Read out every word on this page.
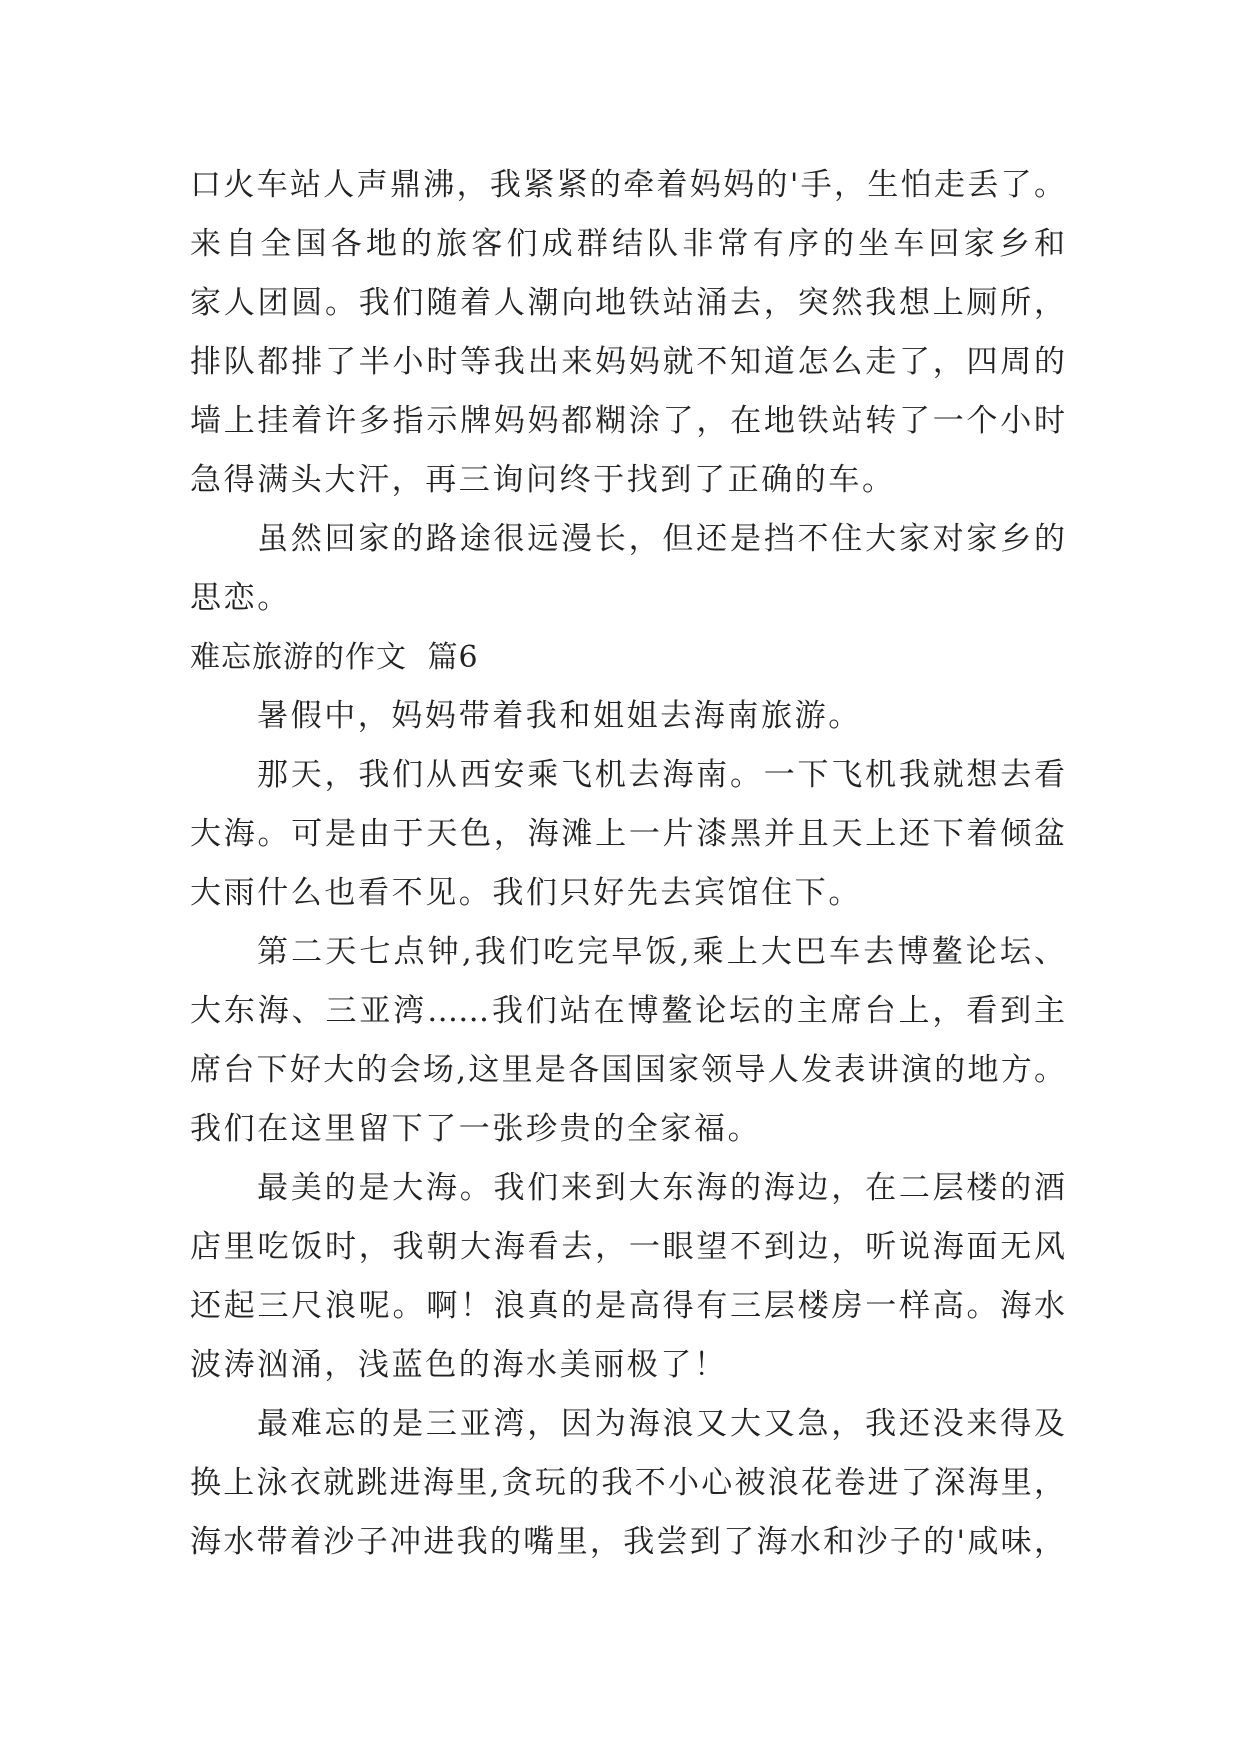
口火车站人声鼎沸，我紧紧的牵着妈妈的'手，生怕走丢了。
来自全国各地的旅客们成群结队非常有序的坐车回家乡和
家人团圆。我们随着人潮向地铁站涌去，突然我想上厕所，
排队都排了半小时等我出来妈妈就不知道怎么走了，四周的
墙上挂着许多指示牌妈妈都糊涂了，在地铁站转了一个小时
急得满头大汗，再三询问终于找到了正确的车。
虽然回家的路途很远漫长，但还是挡不住大家对家乡的
思恋。
难忘旅游的作文 篇6
暑假中，妈妈带着我和姐姐去海南旅游。
那天，我们从西安乘飞机去海南。一下飞机我就想去看
大海。可是由于天色，海滩上一片漆黑并且天上还下着倾盆
大雨什么也看不见。我们只好先去宾馆住下。
第二天七点钟,我们吃完早饭,乘上大巴车去博鳌论坛、
大东海、三亚湾……我们站在博鳌论坛的主席台上，看到主
席台下好大的会场,这里是各国国家领导人发表讲演的地方。
我们在这里留下了一张珍贵的全家福。
最美的是大海。我们来到大东海的海边，在二层楼的酒
店里吃饭时，我朝大海看去，一眼望不到边，听说海面无风
还起三尺浪呢。啊！浪真的是高得有三层楼房一样高。海水
波涛汹涌，浅蓝色的海水美丽极了！
最难忘的是三亚湾，因为海浪又大又急，我还没来得及
换上泳衣就跳进海里,贪玩的我不小心被浪花卷进了深海里，
海水带着沙子冲进我的嘴里，我尝到了海水和沙子的'咸味，
